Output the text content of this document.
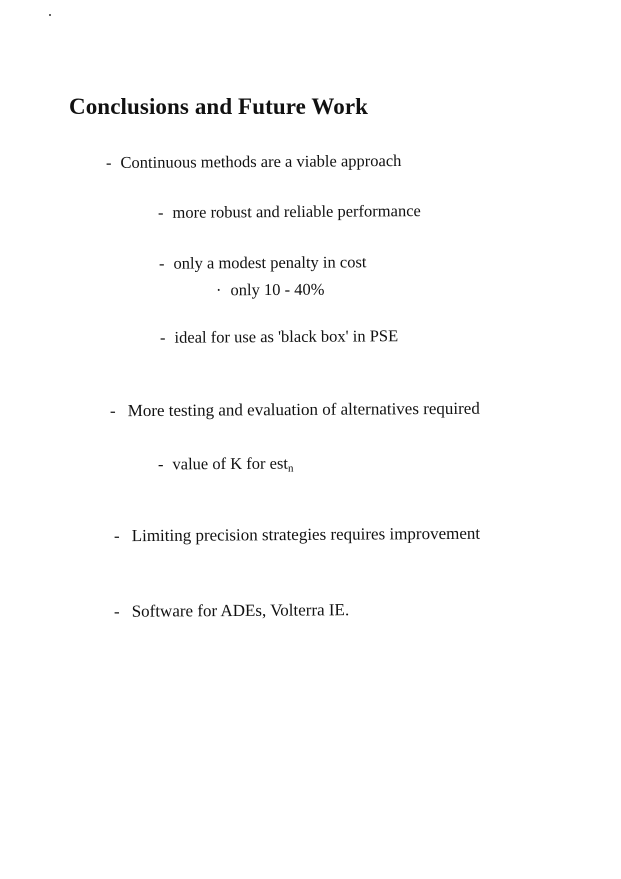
Conclusions and Future Work
- Continuous methods are a viable approach
- more robust and reliable performance
- only a modest penalty in cost
· only 10 - 40%
- ideal for use as 'black box' in PSE
- More testing and evaluation of alternatives required
- value of K for est$_n$
- Limiting precision strategies requires improvement
- Software for ADEs, Volterra IE.
